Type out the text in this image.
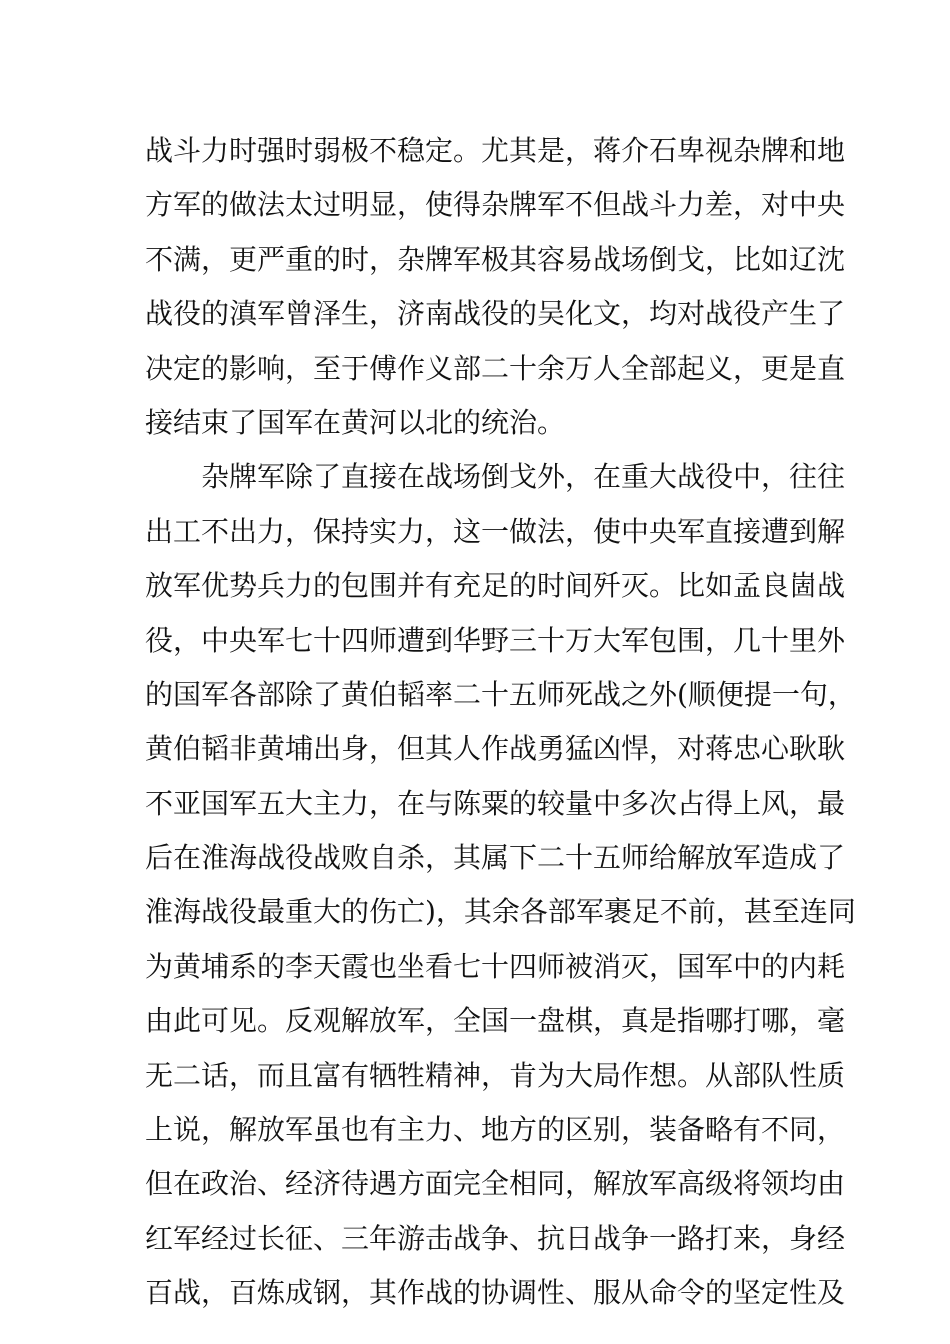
战斗力时强时弱极不稳定。尤其是，蒋介石卑视杂牌和地
方军的做法太过明显，使得杂牌军不但战斗力差，对中央
不满，更严重的时，杂牌军极其容易战场倒戈，比如辽沈
战役的滇军曾泽生，济南战役的吴化文，均对战役产生了
决定的影响，至于傅作义部二十余万人全部起义，更是直
接结束了国军在黄河以北的统治。
杂牌军除了直接在战场倒戈外，在重大战役中，往往
出工不出力，保持实力，这一做法，使中央军直接遭到解
放军优势兵力的包围并有充足的时间歼灭。比如孟良崮战
役，中央军七十四师遭到华野三十万大军包围，几十里外
的国军各部除了黄伯韬率二十五师死战之外(顺便提一句，
黄伯韬非黄埔出身，但其人作战勇猛凶悍，对蒋忠心耿耿
不亚国军五大主力，在与陈粟的较量中多次占得上风，最
后在淮海战役战败自杀，其属下二十五师给解放军造成了
淮海战役最重大的伤亡)，其余各部军裹足不前，甚至连同
为黄埔系的李天霞也坐看七十四师被消灭，国军中的内耗
由此可见。反观解放军，全国一盘棋，真是指哪打哪，毫
无二话，而且富有牺牲精神，肯为大局作想。从部队性质
上说，解放军虽也有主力、地方的区别，装备略有不同，
但在政治、经济待遇方面完全相同，解放军高级将领均由
红军经过长征、三年游击战争、抗日战争一路打来，身经
百战，百炼成钢，其作战的协调性、服从命令的坚定性及
